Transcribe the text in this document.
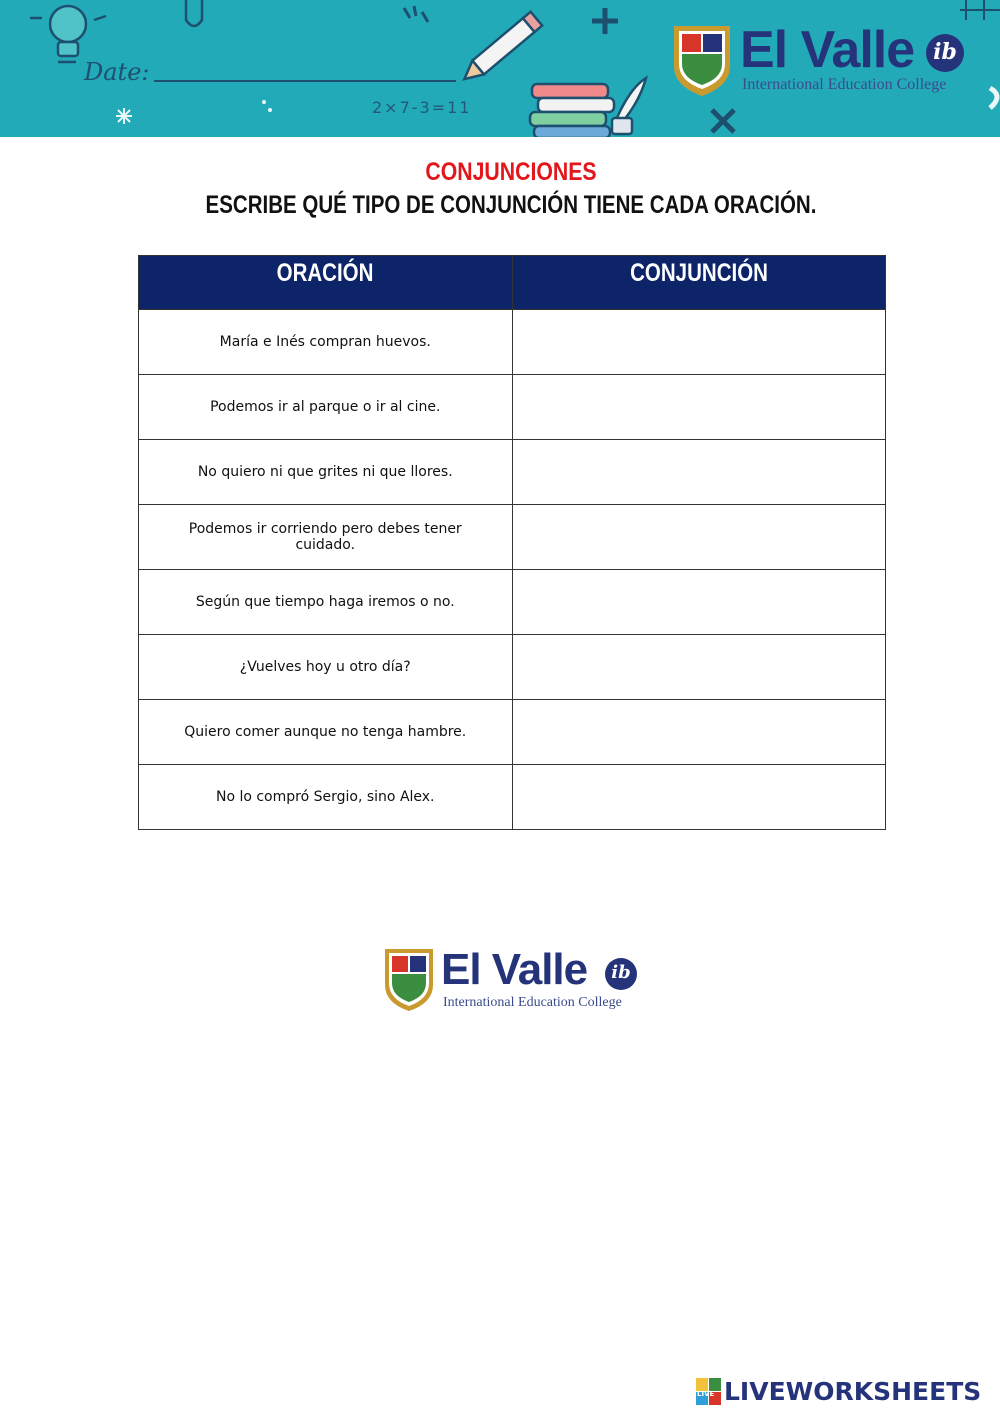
Date:
2×7-3=11
El Valle ib
International Education College
CONJUNCIONES
ESCRIBE QUÉ TIPO DE CONJUNCIÓN TIENE CADA ORACIÓN.
ORACIÓN	CONJUNCIÓN
María e Inés compran huevos.	
Podemos ir al parque o ir al cine.	
No quiero ni que grites ni que llores.	
Podemos ir corriendo pero debes tener cuidado.	
Según que tiempo haga iremos o no.	
¿Vuelves hoy u otro día?	
Quiero comer aunque no tenga hambre.	
No lo compró Sergio, sino Alex.	
El Valle	ib
International Education College
LIVE LIVEWORKSHEETS
